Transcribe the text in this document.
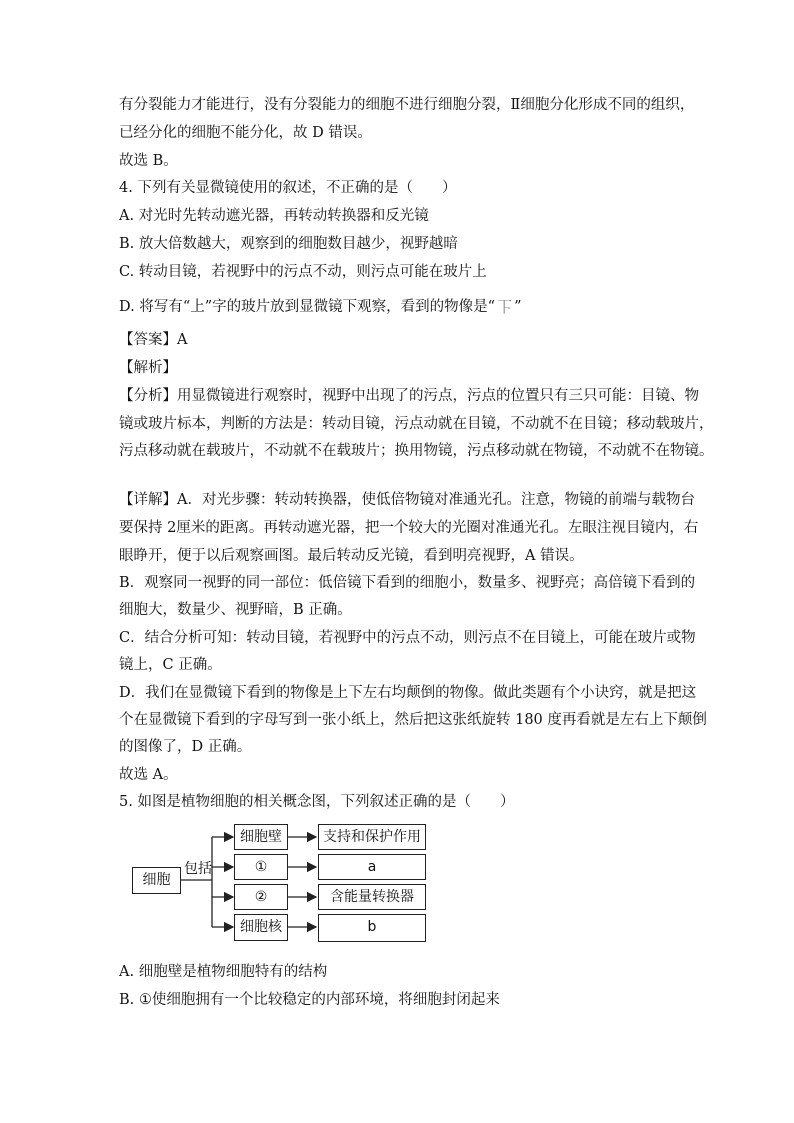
有分裂能力才能进行，没有分裂能力的细胞不进行细胞分裂，Ⅱ细胞分化形成不同的组织，
已经分化的细胞不能分化，故 D 错误。
故选 B。
4. 下列有关显微镜使用的叙述，不正确的是（　　）
A. 对光时先转动遮光器，再转动转换器和反光镜
B. 放大倍数越大，观察到的细胞数目越少，视野越暗
C. 转动目镜，若视野中的污点不动，则污点可能在玻片上
D. 将写有“上”字的玻片放到显微镜下观察，看到的物像是“ 上 ”
【答案】A
【解析】
【分析】用显微镜进行观察时，视野中出现了的污点，污点的位置只有三只可能：目镜、物
镜或玻片标本，判断的方法是：转动目镜，污点动就在目镜，不动就不在目镜；移动载玻片，
污点移动就在载玻片，不动就不在载玻片；换用物镜，污点移动就在物镜，不动就不在物镜。
【详解】A．对光步骤：转动转换器，使低倍物镜对准通光孔。注意，物镜的前端与载物台
要保持 2厘米的距离。再转动遮光器，把一个较大的光圈对准通光孔。左眼注视目镜内，右
眼睁开，便于以后观察画图。最后转动反光镜，看到明亮视野，A 错误。
B．观察同一视野的同一部位：低倍镜下看到的细胞小，数量多、视野亮；高倍镜下看到的
细胞大，数量少、视野暗，B 正确。
C．结合分析可知：转动目镜，若视野中的污点不动，则污点不在目镜上，可能在玻片或物
镜上，C 正确。
D．我们在显微镜下看到的物像是上下左右均颠倒的物像。做此类题有个小诀窍，就是把这
个在显微镜下看到的字母写到一张小纸上，然后把这张纸旋转 180 度再看就是左右上下颠倒
的图像了，D 正确。
故选 A。
5. 如图是植物细胞的相关概念图，下列叙述正确的是（　　）
细胞
包括
细胞壁
①
②
细胞核
支持和保护作用
a
含能量转换器
b
A. 细胞壁是植物细胞特有的结构
B. ①使细胞拥有一个比较稳定的内部环境，将细胞封闭起来
